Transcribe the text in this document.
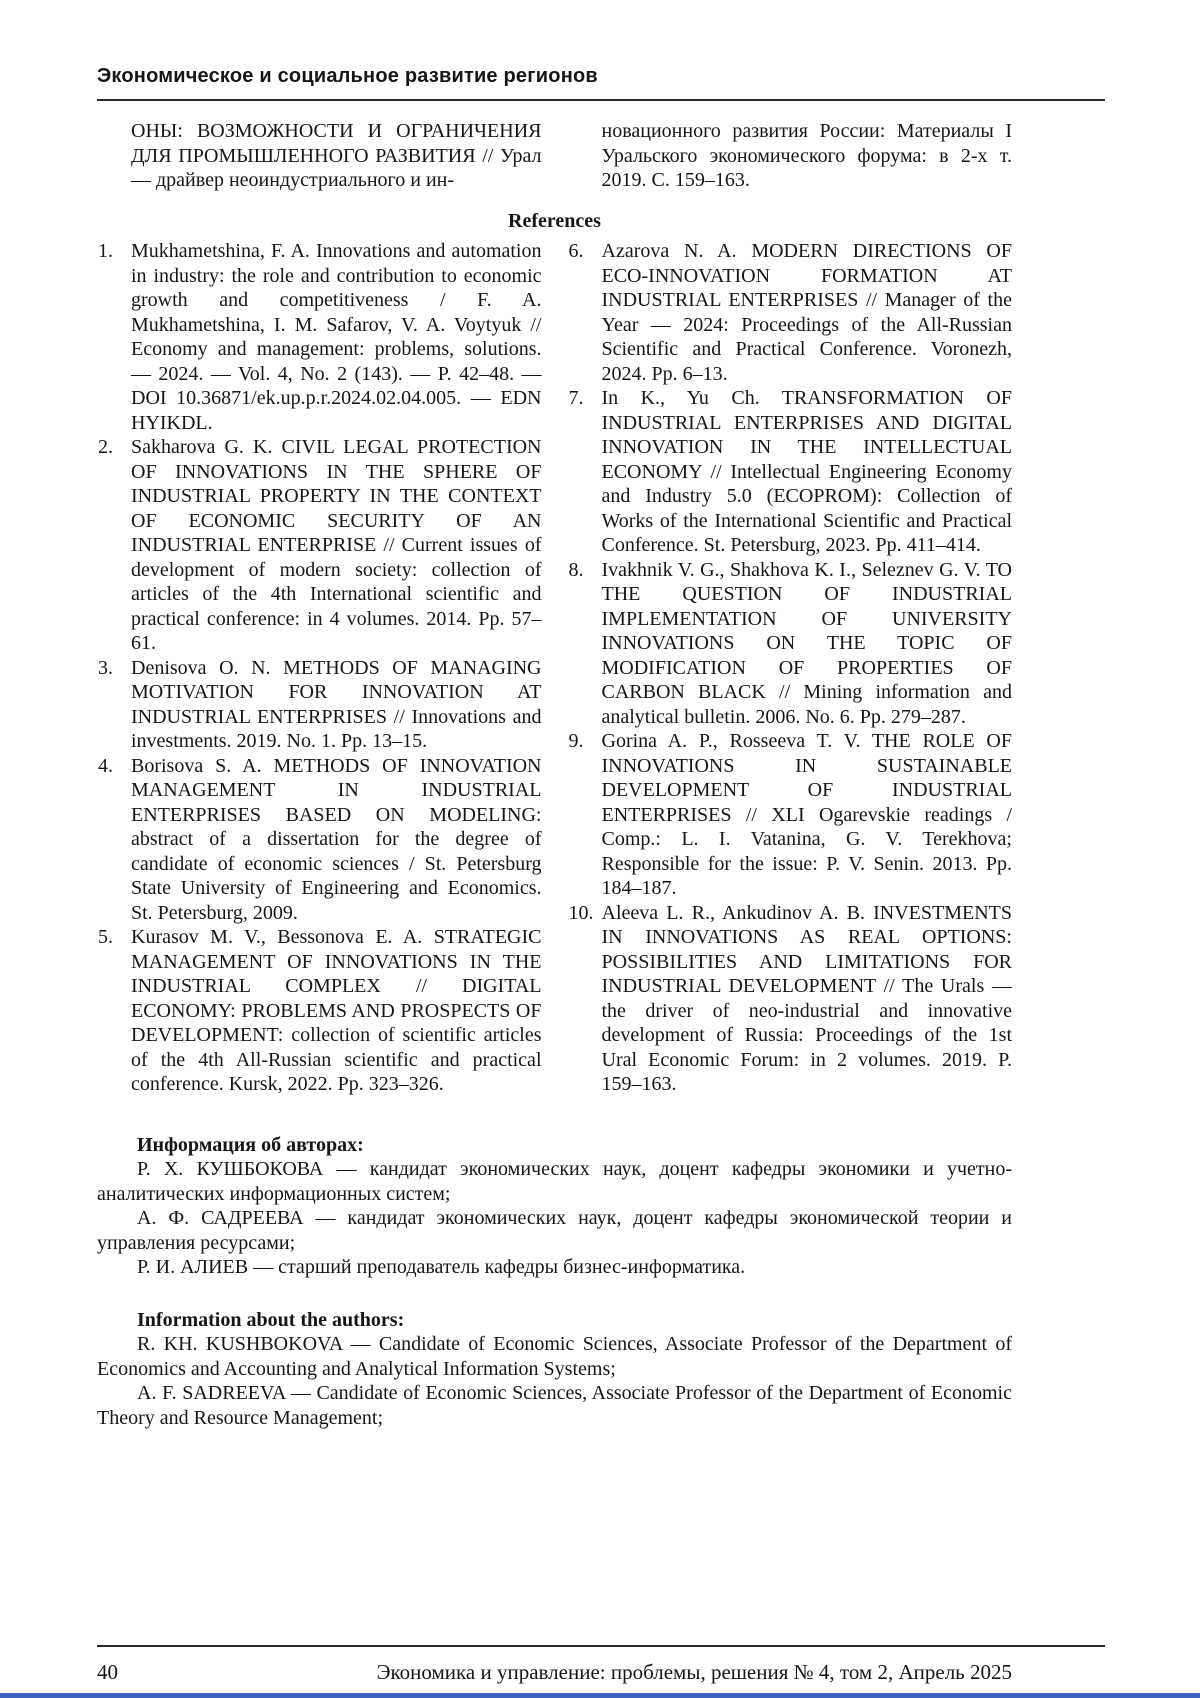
Экономическое и социальное развитие регионов

ОНЫ: ВОЗМОЖНОСТИ И ОГРАНИЧЕНИЯ ДЛЯ ПРОМЫШЛЕННОГО РАЗВИТИЯ // Урал — драйвер неоиндустриального и ин-

новационного развития России: Материалы I Уральского экономического форума: в 2-х т. 2019. С. 159–163.

References
1. Mukhametshina, F. A. Innovations and automation in industry: the role and contribution to economic growth and competitiveness / F. A. Mukhametshina, I. M. Safarov, V. A. Voytyuk // Economy and management: problems, solutions. — 2024. — Vol. 4, No. 2 (143). — P. 42–48. — DOI 10.36871/ek.up.p.r.2024.02.04.005. — EDN HYIKDL.
2. Sakharova G. K. CIVIL LEGAL PROTECTION OF INNOVATIONS IN THE SPHERE OF INDUSTRIAL PROPERTY IN THE CONTEXT OF ECONOMIC SECURITY OF AN INDUSTRIAL ENTERPRISE // Current issues of development of modern society: collection of articles of the 4th International scientific and practical conference: in 4 volumes. 2014. Pp. 57–61.
3. Denisova O. N. METHODS OF MANAGING MOTIVATION FOR INNOVATION AT INDUSTRIAL ENTERPRISES // Innovations and investments. 2019. No. 1. Pp. 13–15.
4. Borisova S. A. METHODS OF INNOVATION MANAGEMENT IN INDUSTRIAL ENTERPRISES BASED ON MODELING: abstract of a dissertation for the degree of candidate of economic sciences / St. Petersburg State University of Engineering and Economics. St. Petersburg, 2009.
5. Kurasov M. V., Bessonova E. A. STRATEGIC MANAGEMENT OF INNOVATIONS IN THE INDUSTRIAL COMPLEX // DIGITAL ECONOMY: PROBLEMS AND PROSPECTS OF DEVELOPMENT: collection of scientific articles of the 4th All-Russian scientific and practical conference. Kursk, 2022. Pp. 323–326.
6. Azarova N. A. MODERN DIRECTIONS OF ECO-INNOVATION FORMATION AT INDUSTRIAL ENTERPRISES // Manager of the Year — 2024: Proceedings of the All-Russian Scientific and Practical Conference. Voronezh, 2024. Pp. 6–13.
7. In K., Yu Ch. TRANSFORMATION OF INDUSTRIAL ENTERPRISES AND DIGITAL INNOVATION IN THE INTELLECTUAL ECONOMY // Intellectual Engineering Economy and Industry 5.0 (ECOPROM): Collection of Works of the International Scientific and Practical Conference. St. Petersburg, 2023. Pp. 411–414.
8. Ivakhnik V. G., Shakhova K. I., Seleznev G. V. TO THE QUESTION OF INDUSTRIAL IMPLEMENTATION OF UNIVERSITY INNOVATIONS ON THE TOPIC OF MODIFICATION OF PROPERTIES OF CARBON BLACK // Mining information and analytical bulletin. 2006. No. 6. Pp. 279–287.
9. Gorina A. P., Rosseeva T. V. THE ROLE OF INNOVATIONS IN SUSTAINABLE DEVELOPMENT OF INDUSTRIAL ENTERPRISES // XLI Ogarevskie readings / Comp.: L. I. Vatanina, G. V. Terekhova; Responsible for the issue: P. V. Senin. 2013. Pp. 184–187.
10. Aleeva L. R., Ankudinov A. B. INVESTMENTS IN INNOVATIONS AS REAL OPTIONS: POSSIBILITIES AND LIMITATIONS FOR INDUSTRIAL DEVELOPMENT // The Urals — the driver of neo-industrial and innovative development of Russia: Proceedings of the 1st Ural Economic Forum: in 2 volumes. 2019. P. 159–163.

Информация об авторах:

Р. Х. КУШБОКОВА — кандидат экономических наук, доцент кафедры экономики и учетно-аналитических информационных систем;

А. Ф. САДРЕЕВА — кандидат экономических наук, доцент кафедры экономической теории и управления ресурсами;

Р. И. АЛИЕВ — старший преподаватель кафедры бизнес-информатика.

Information about the authors:

R. KH. KUSHBOKOVA — Candidate of Economic Sciences, Associate Professor of the Department of Economics and Accounting and Analytical Information Systems;

A. F. SADREEVA — Candidate of Economic Sciences, Associate Professor of the Department of Economic Theory and Resource Management;

40	Экономика и управление: проблемы, решения № 4, том 2, Апрель 2025
